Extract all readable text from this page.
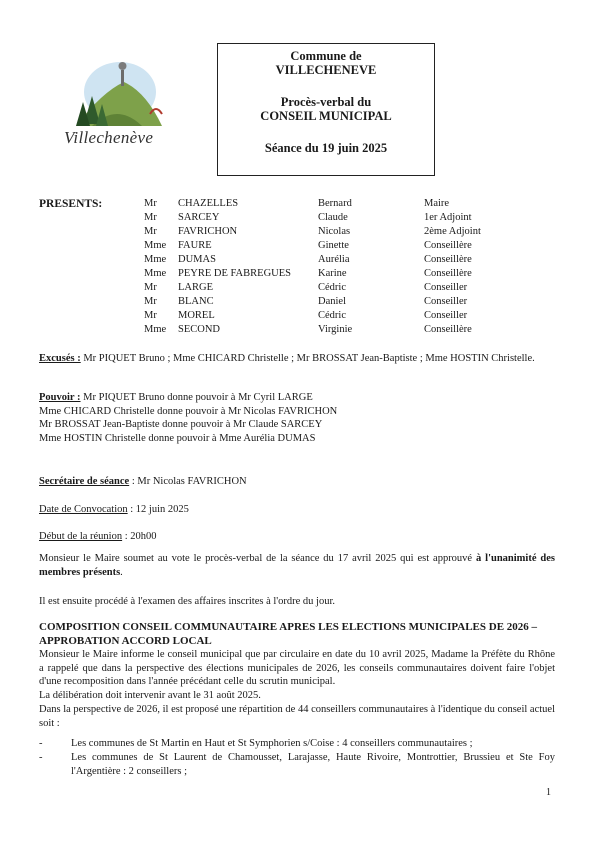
Villechenève
Commune de
VILLECHENEVE
Procès-verbal du
CONSEIL MUNICIPAL
Séance du 19 juin 2025
PRESENTS:	Mr CHAZELLES	Bernard	Maire
Mr SARCEY	Claude	1er Adjoint
Mr FAVRICHON	Nicolas	2ème Adjoint
Mme FAURE	Ginette	Conseillère
Mme DUMAS	Aurélia	Conseillère
Mme PEYRE DE FABREGUES	Karine	Conseillère
Mr LARGE	Cédric	Conseiller
Mr BLANC	Daniel	Conseiller
Mr MOREL	Cédric	Conseiller
Mme SECOND	Virginie	Conseillère
Excusés : Mr PIQUET Bruno ; Mme CHICARD Christelle ; Mr BROSSAT Jean-Baptiste ; Mme HOSTIN Christelle.
Pouvoir : Mr PIQUET Bruno donne pouvoir à Mr Cyril LARGE
Mme CHICARD Christelle donne pouvoir à Mr Nicolas FAVRICHON
Mr BROSSAT Jean-Baptiste donne pouvoir à Mr Claude SARCEY
Mme HOSTIN Christelle donne pouvoir à Mme Aurélia DUMAS
Secrétaire de séance : Mr Nicolas FAVRICHON
Date de Convocation : 12 juin 2025
Début de la réunion : 20h00
Monsieur le Maire soumet au vote le procès-verbal de la séance du 17 avril 2025 qui est approuvé à l'unanimité des membres présents.
Il est ensuite procédé à l'examen des affaires inscrites à l'ordre du jour.
COMPOSITION CONSEIL COMMUNAUTAIRE APRES LES ELECTIONS MUNICIPALES DE 2026 – APPROBATION ACCORD LOCAL
Monsieur le Maire informe le conseil municipal que par circulaire en date du 10 avril 2025, Madame la Préfète du Rhône a rappelé que dans la perspective des élections municipales de 2026, les conseils communautaires doivent faire l'objet d'une recomposition dans l'année précédant celle du scrutin municipal.
La délibération doit intervenir avant le 31 août 2025.
Dans la perspective de 2026, il est proposé une répartition de 44 conseillers communautaires à l'identique du conseil actuel soit :
-	Les communes de St Martin en Haut et St Symphorien s/Coise : 4 conseillers communautaires ;
-	Les communes de St Laurent de Chamousset, Larajasse, Haute Rivoire, Montrottier, Brussieu et Ste Foy l'Argentière : 2 conseillers ;
1
